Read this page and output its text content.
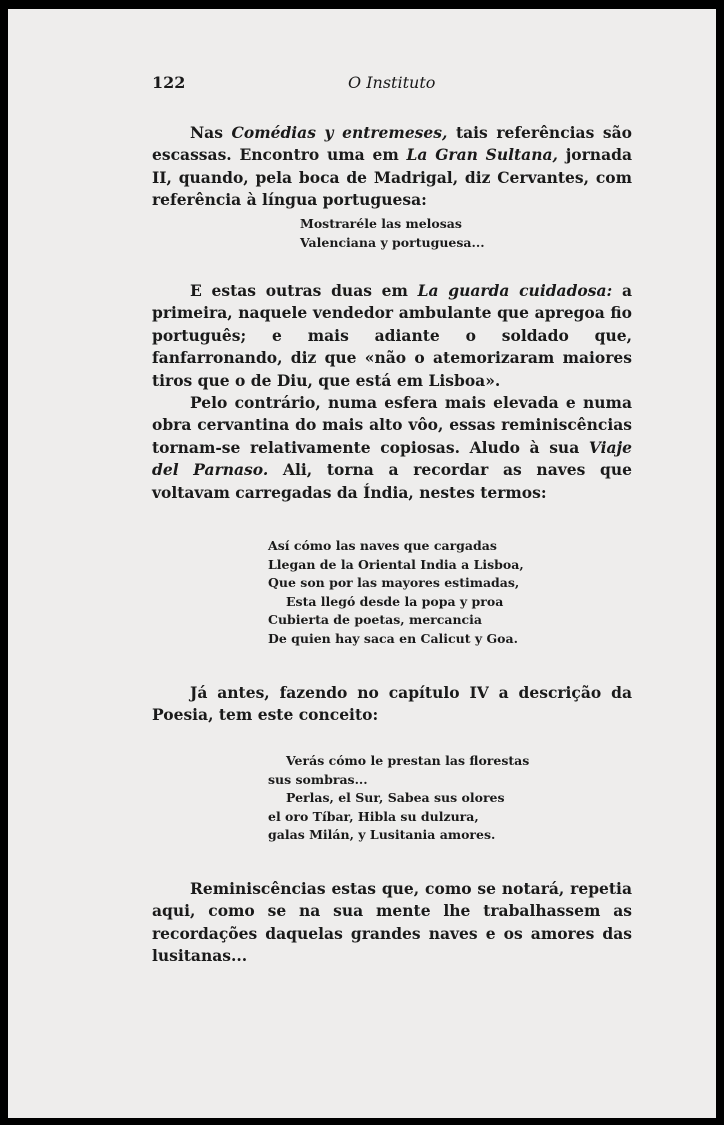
122	O Instituto

Nas Comédias y entremeses, tais referências são escassas. Encontro uma em La Gran Sultana, jornada II, quando, pela boca de Madrigal, diz Cervantes, com referência à língua portuguesa:

Mostraréle las melosas
Valenciana y portuguesa...

E estas outras duas em La guarda cuidadosa: a primeira, naquele vendedor ambulante que apregoa fio português; e mais adiante o soldado que, fanfarronando, diz que «não o atemorizaram maiores tiros que o de Diu, que está em Lisboa».

Pelo contrário, numa esfera mais elevada e numa obra cervantina do mais alto vôo, essas reminiscências tornam-se relativamente copiosas. Aludo à sua Viaje del Parnaso. Ali, torna a recordar as naves que voltavam carregadas da Índia, nestes termos:

Así cómo las naves que cargadas
Llegan de la Oriental India a Lisboa,
Que son por las mayores estimadas,
Esta llegó desde la popa y proa
Cubierta de poetas, mercancia
De quien hay saca en Calicut y Goa.

Já antes, fazendo no capítulo IV a descrição da Poesia, tem este conceito:

Verás cómo le prestan las florestas
sus sombras...
Perlas, el Sur, Sabea sus olores
el oro Tíbar, Hibla su dulzura,
galas Milán, y Lusitania amores.

Reminiscências estas que, como se notará, repetia aqui, como se na sua mente lhe trabalhassem as recordações daquelas grandes naves e os amores das lusitanas...
